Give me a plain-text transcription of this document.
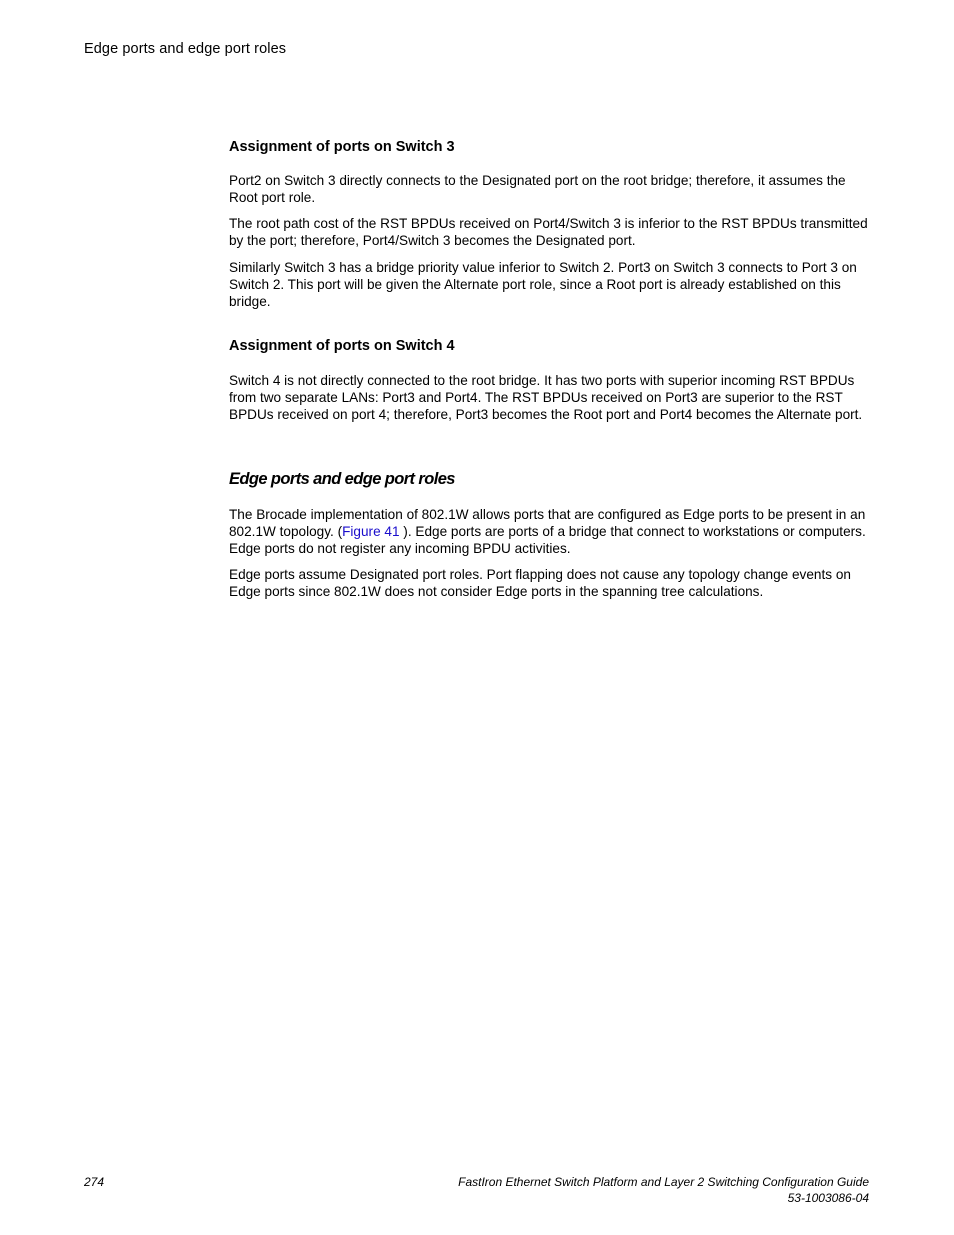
Edge ports and edge port roles
Assignment of ports on Switch 3

Port2 on Switch 3 directly connects to the Designated port on the root bridge; therefore, it assumes the Root port role.

The root path cost of the RST BPDUs received on Port4/Switch 3 is inferior to the RST BPDUs transmitted by the port; therefore, Port4/Switch 3 becomes the Designated port.

Similarly Switch 3 has a bridge priority value inferior to Switch 2. Port3 on Switch 3 connects to Port 3 on Switch 2. This port will be given the Alternate port role, since a Root port is already established on this bridge.

Assignment of ports on Switch 4

Switch 4 is not directly connected to the root bridge. It has two ports with superior incoming RST BPDUs from two separate LANs: Port3 and Port4. The RST BPDUs received on Port3 are superior to the RST BPDUs received on port 4; therefore, Port3 becomes the Root port and Port4 becomes the Alternate port.

Edge ports and edge port roles

The Brocade implementation of 802.1W allows ports that are configured as Edge ports to be present in an 802.1W topology. (Figure 41 ). Edge ports are ports of a bridge that connect to workstations or computers. Edge ports do not register any incoming BPDU activities.

Edge ports assume Designated port roles. Port flapping does not cause any topology change events on Edge ports since 802.1W does not consider Edge ports in the spanning tree calculations.

274	FastIron Ethernet Switch Platform and Layer 2 Switching Configuration Guide
53-1003086-04
